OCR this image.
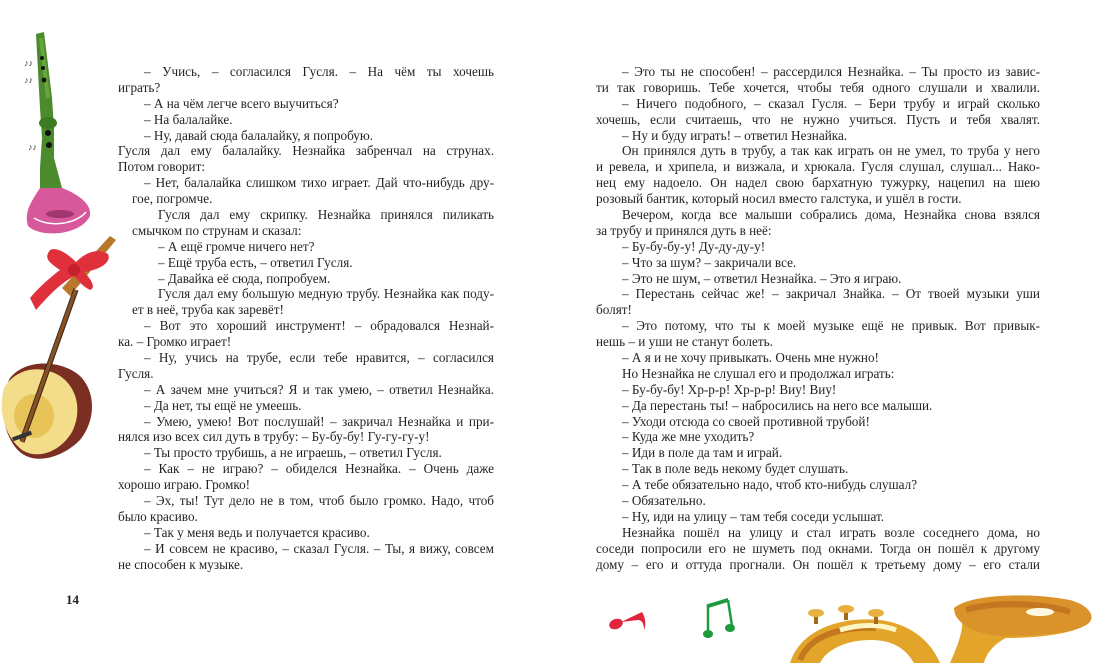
– Учись, – согласился Гусля. – На чём ты хочешь
играть?
– А на чём легче всего выучиться?
– На балалайке.
– Ну, давай сюда балалайку, я попробую.
Гусля дал ему балалайку. Незнайка забренчал на струнах.
Потом говорит:
– Нет, балалайка слишком тихо играет. Дай что-нибудь дру-
гое, погромче.
Гусля дал ему скрипку. Незнайка принялся пиликать
смычком по струнам и сказал:
– А ещё громче ничего нет?
– Ещё труба есть, – ответил Гусля.
– Давайка её сюда, попробуем.
Гусля дал ему большую медную трубу. Незнайка как поду-
ет в неё, труба как заревёт!
– Вот это хороший инструмент! – обрадовался Незнай-
ка. – Громко играет!
– Ну, учись на трубе, если тебе нравится, – согласился
Гусля.
– А зачем мне учиться? Я и так умею, – ответил Незнайка.
– Да нет, ты ещё не умеешь.
– Умею, умею! Вот послушай! – закричал Незнайка и при-
нялся изо всех сил дуть в трубу: – Бу-бу-бу! Гу-гу-гу-у!
– Ты просто трубишь, а не играешь, – ответил Гусля.
– Как – не играю? – обиделся Незнайка. – Очень даже
хорошо играю. Громко!
– Эх, ты! Тут дело не в том, чтоб было громко. Надо, чтоб
было красиво.
– Так у меня ведь и получается красиво.
– И совсем не красиво, – сказал Гусля. – Ты, я вижу, совсем
не способен к музыке.
14
♪♪
♪♪
♪♪
– Это ты не способен! – рассердился Незнайка. – Ты просто из завис-
ти так говоришь. Тебе хочется, чтобы тебя одного слушали и хвалили.
– Ничего подобного, – сказал Гусля. – Бери трубу и играй сколько
хочешь, если считаешь, что не нужно учиться. Пусть и тебя хвалят.
– Ну и буду играть! – ответил Незнайка.
Он принялся дуть в трубу, а так как играть он не умел, то труба у него
и ревела, и хрипела, и визжала, и хрюкала. Гусля слушал, слушал... Нако-
нец ему надоело. Он надел свою бархатную тужурку, нацепил на шею
розовый бантик, который носил вместо галстука, и ушёл в гости.
Вечером, когда все малыши собрались дома, Незнайка снова взялся
за трубу и принялся дуть в неё:
– Бу-бу-бу-у! Ду-ду-ду-у!
– Что за шум? – закричали все.
– Это не шум, – ответил Незнайка. – Это я играю.
– Перестань сейчас же! – закричал Знайка. – От твоей музыки уши
болят!
– Это потому, что ты к моей музыке ещё не привык. Вот привык-
нешь – и уши не станут болеть.
– А я и не хочу привыкать. Очень мне нужно!
Но Незнайка не слушал его и продолжал играть:
– Бу-бу-бу! Хр-р-р! Хр-р-р! Виу! Виу!
– Да перестань ты! – набросились на него все малыши.
– Уходи отсюда со своей противной трубой!
– Куда же мне уходить?
– Иди в поле да там и играй.
– Так в поле ведь некому будет слушать.
– А тебе обязательно надо, чтоб кто-нибудь слушал?
– Обязательно.
– Ну, иди на улицу – там тебя соседи услышат.
Незнайка пошёл на улицу и стал играть возле соседнего дома, но
соседи попросили его не шуметь под окнами. Тогда он пошёл к другому
дому – его и оттуда прогнали. Он пошёл к третьему дому – его стали
